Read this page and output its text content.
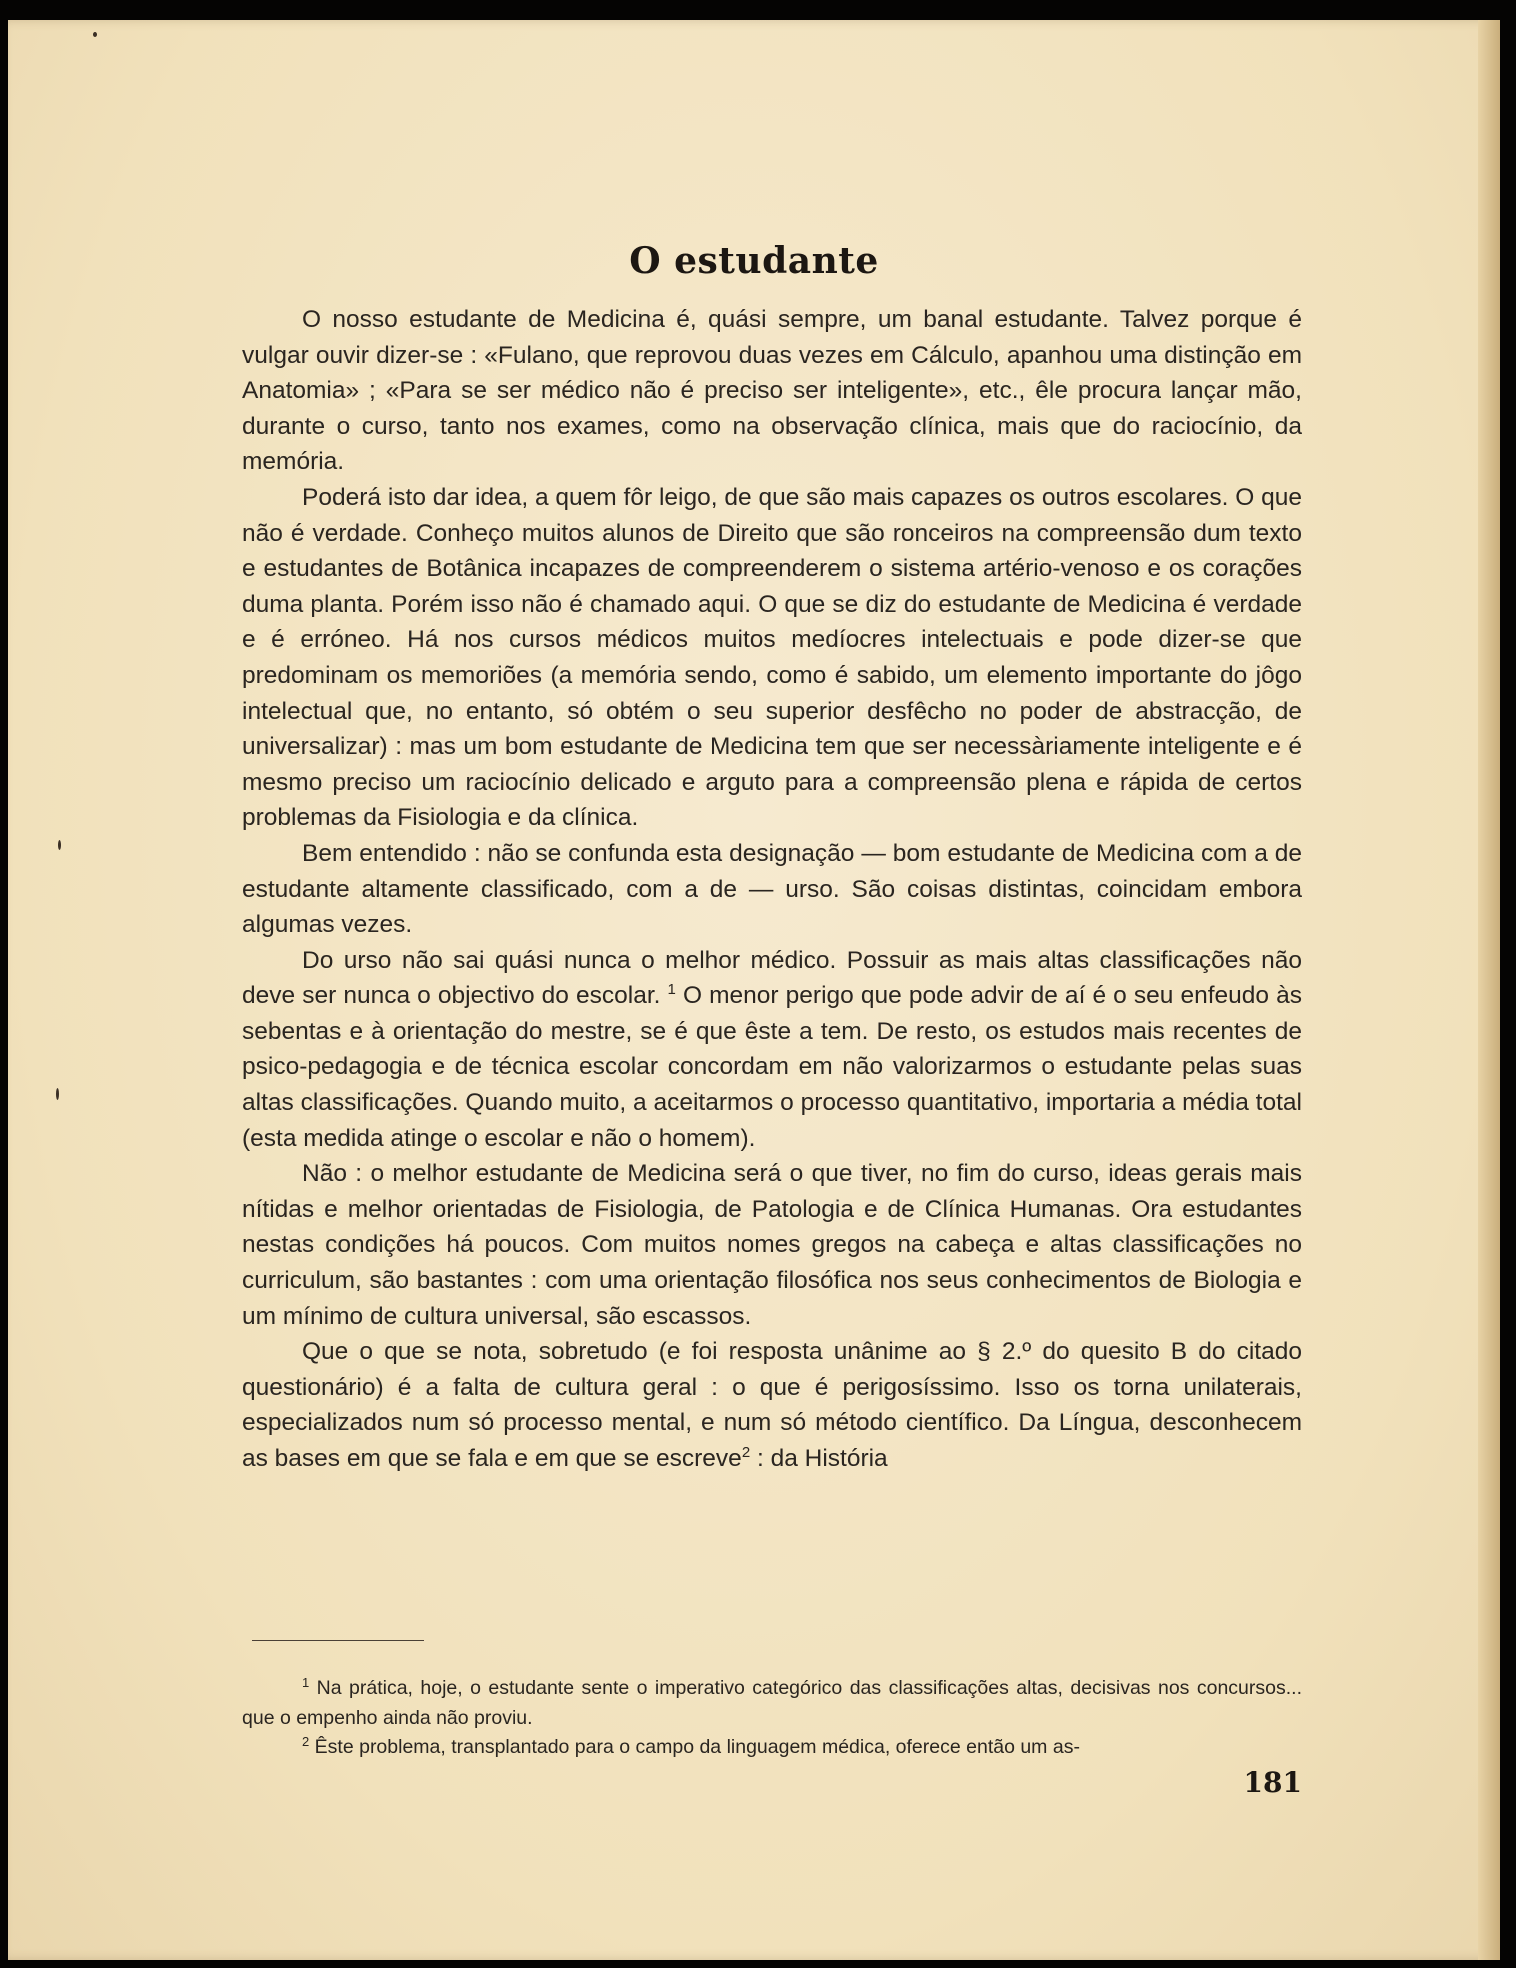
O estudante

O nosso estudante de Medicina é, quási sempre, um banal estudante. Talvez porque é vulgar ouvir dizer-se : «Fulano, que reprovou duas vezes em Cálculo, apanhou uma distinção em Anatomia» ; «Para se ser médico não é preciso ser inteligente», etc., êle procura lançar mão, durante o curso, tanto nos exames, como na observação clínica, mais que do raciocínio, da memória.

Poderá isto dar idea, a quem fôr leigo, de que são mais capazes os outros escolares. O que não é verdade. Conheço muitos alunos de Direito que são ronceiros na compreensão dum texto e estudantes de Botânica incapazes de compreenderem o sistema artério-venoso e os corações duma planta. Porém isso não é chamado aqui. O que se diz do estudante de Medicina é verdade e é erróneo. Há nos cursos médicos muitos medíocres intelectuais e pode dizer-se que predominam os memoriões (a memória sendo, como é sabido, um elemento importante do jôgo intelectual que, no entanto, só obtém o seu superior desfêcho no poder de abstracção, de universalizar) : mas um bom estudante de Medicina tem que ser necessàriamente inteligente e é mesmo preciso um raciocínio delicado e arguto para a compreensão plena e rápida de certos problemas da Fisiologia e da clínica.

Bem entendido : não se confunda esta designação — bom estudante de Medicina com a de estudante altamente classificado, com a de — urso. São coisas distintas, coincidam embora algumas vezes.

Do urso não sai quási nunca o melhor médico. Possuir as mais altas classificações não deve ser nunca o objectivo do escolar. $^1$ O menor perigo que pode advir de aí é o seu enfeudo às sebentas e à orientação do mestre, se é que êste a tem. De resto, os estudos mais recentes de psico-pedagogia e de técnica escolar concordam em não valorizarmos o estudante pelas suas altas classificações. Quando muito, a aceitarmos o processo quantitativo, importaria a média total (esta medida atinge o escolar e não o homem).

Não : o melhor estudante de Medicina será o que tiver, no fim do curso, ideas gerais mais nítidas e melhor orientadas de Fisiologia, de Patologia e de Clínica Humanas. Ora estudantes nestas condições há poucos. Com muitos nomes gregos na cabeça e altas classificações no curriculum, são bastantes : com uma orientação filosófica nos seus conhecimentos de Biologia e um mínimo de cultura universal, são escassos.

Que o que se nota, sobretudo (e foi resposta unânime ao § 2.º do quesito B do citado questionário) é a falta de cultura geral : o que é perigosíssimo. Isso os torna unilaterais, especializados num só processo mental, e num só método científico. Da Língua, desconhecem as bases em que se fala e em que se escreve$^2$ : da História

$^1$ Na prática, hoje, o estudante sente o imperativo categórico das classificações altas, decisivas nos concursos... que o empenho ainda não proviu.

$^2$ Êste problema, transplantado para o campo da linguagem médica, oferece então um as-

181
